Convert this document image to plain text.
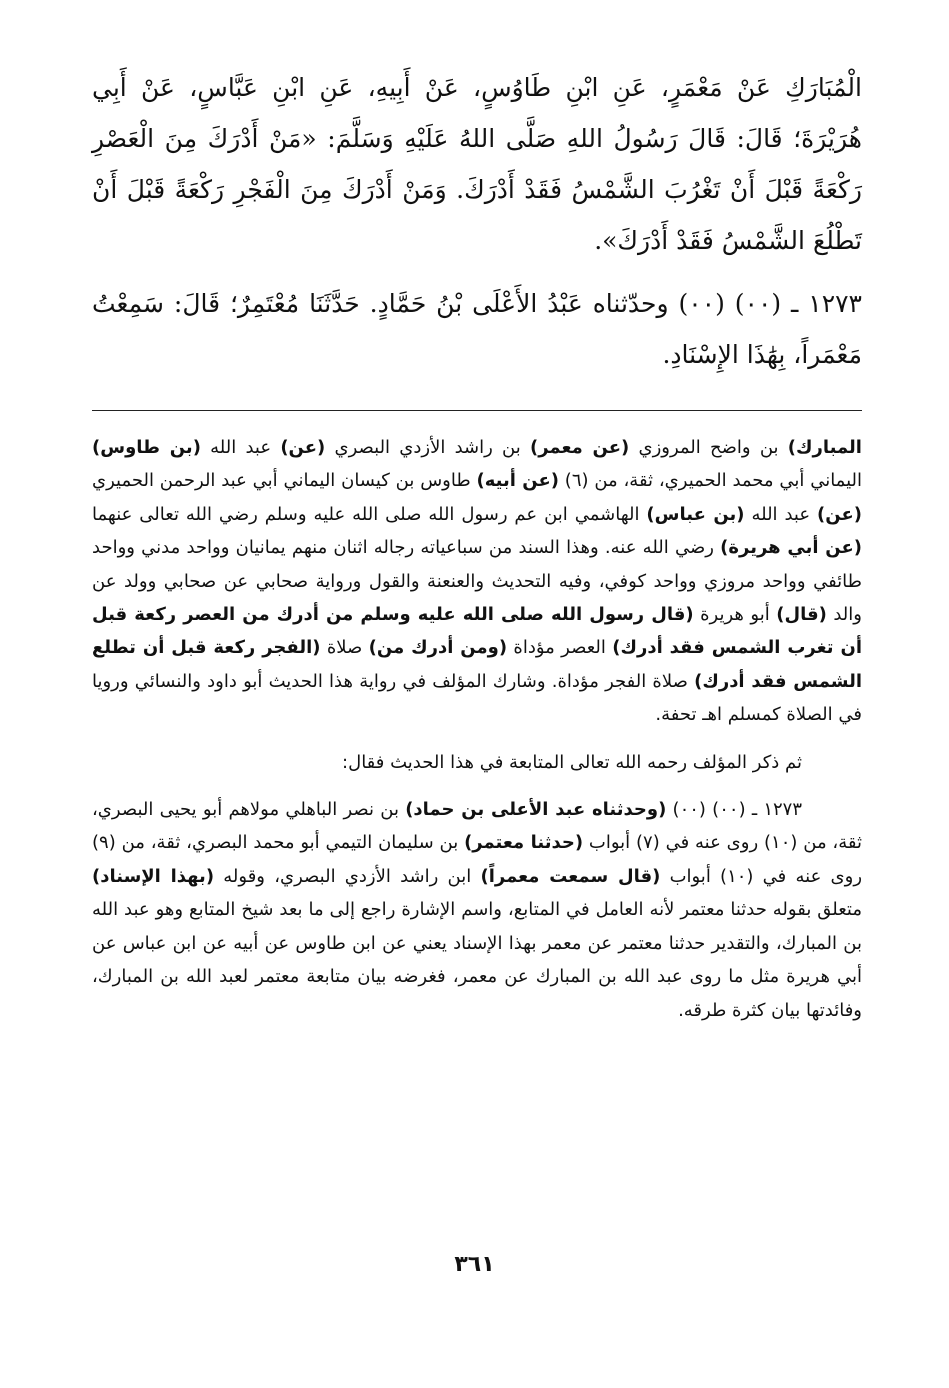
الْمُبَارَكِ عَنْ مَعْمَرٍ، عَنِ ابْنِ طَاوُسٍ، عَنْ أَبِيهِ، عَنِ ابْنِ عَبَّاسٍ، عَنْ أَبِي هُرَيْرَةَ؛ قَالَ: قَالَ رَسُولُ اللهِ صَلَّى اللهُ عَلَيْهِ وَسَلَّمَ: «مَنْ أَدْرَكَ مِنَ الْعَصْرِ رَكْعَةً قَبْلَ أَنْ تَغْرُبَ الشَّمْسُ فَقَدْ أَدْرَكَ. وَمَنْ أَدْرَكَ مِنَ الْفَجْرِ رَكْعَةً قَبْلَ أَنْ تَطْلُعَ الشَّمْسُ فَقَدْ أَدْرَكَ».

١٢٧٣ ـ (٠٠) (٠٠) وحدّثناه عَبْدُ الأَعْلَى بْنُ حَمَّادٍ. حَدَّثَنَا مُعْتَمِرٌ؛ قَالَ: سَمِعْتُ مَعْمَراً، بِهَٰذَا الإِسْنَادِ.

المبارك) بن واضح المروزي (عن معمر) بن راشد الأزدي البصري (عن) عبد الله (بن طاوس) اليماني أبي محمد الحميري، ثقة، من (٦) (عن أبيه) طاوس بن كيسان اليماني أبي عبد الرحمن الحميري (عن) عبد الله (بن عباس) الهاشمي ابن عم رسول الله صلى الله عليه وسلم رضي الله تعالى عنهما (عن أبي هريرة) رضي الله عنه. وهذا السند من سباعياته رجاله اثنان منهم يمانيان وواحد مدني وواحد طائفي وواحد مروزي وواحد كوفي، وفيه التحديث والعنعنة والقول ورواية صحابي عن صحابي وولد عن والد (قال) أبو هريرة (قال رسول الله صلى الله عليه وسلم من أدرك من العصر ركعة قبل أن تغرب الشمس فقد أدرك) العصر مؤداة (ومن أدرك من) صلاة (الفجر ركعة قبل أن تطلع الشمس فقد أدرك) صلاة الفجر مؤداة. وشارك المؤلف في رواية هذا الحديث أبو داود والنسائي ورويا في الصلاة كمسلم اهـ تحفة.

ثم ذكر المؤلف رحمه الله تعالى المتابعة في هذا الحديث فقال:

١٢٧٣ ـ (٠٠) (٠٠) (وحدثناه عبد الأعلى بن حماد) بن نصر الباهلي مولاهم أبو يحيى البصري، ثقة، من (١٠) روى عنه في (٧) أبواب (حدثنا معتمر) بن سليمان التيمي أبو محمد البصري، ثقة، من (٩) روى عنه في (١٠) أبواب (قال سمعت معمراً) ابن راشد الأزدي البصري، وقوله (بهذا الإسناد) متعلق بقوله حدثنا معتمر لأنه العامل في المتابع، واسم الإشارة راجع إلى ما بعد شيخ المتابع وهو عبد الله بن المبارك، والتقدير حدثنا معتمر عن معمر بهذا الإسناد يعني عن ابن طاوس عن أبيه عن ابن عباس عن أبي هريرة مثل ما روى عبد الله بن المبارك عن معمر، فغرضه بيان متابعة معتمر لعبد الله بن المبارك، وفائدتها بيان كثرة طرقه.

٣٦١
